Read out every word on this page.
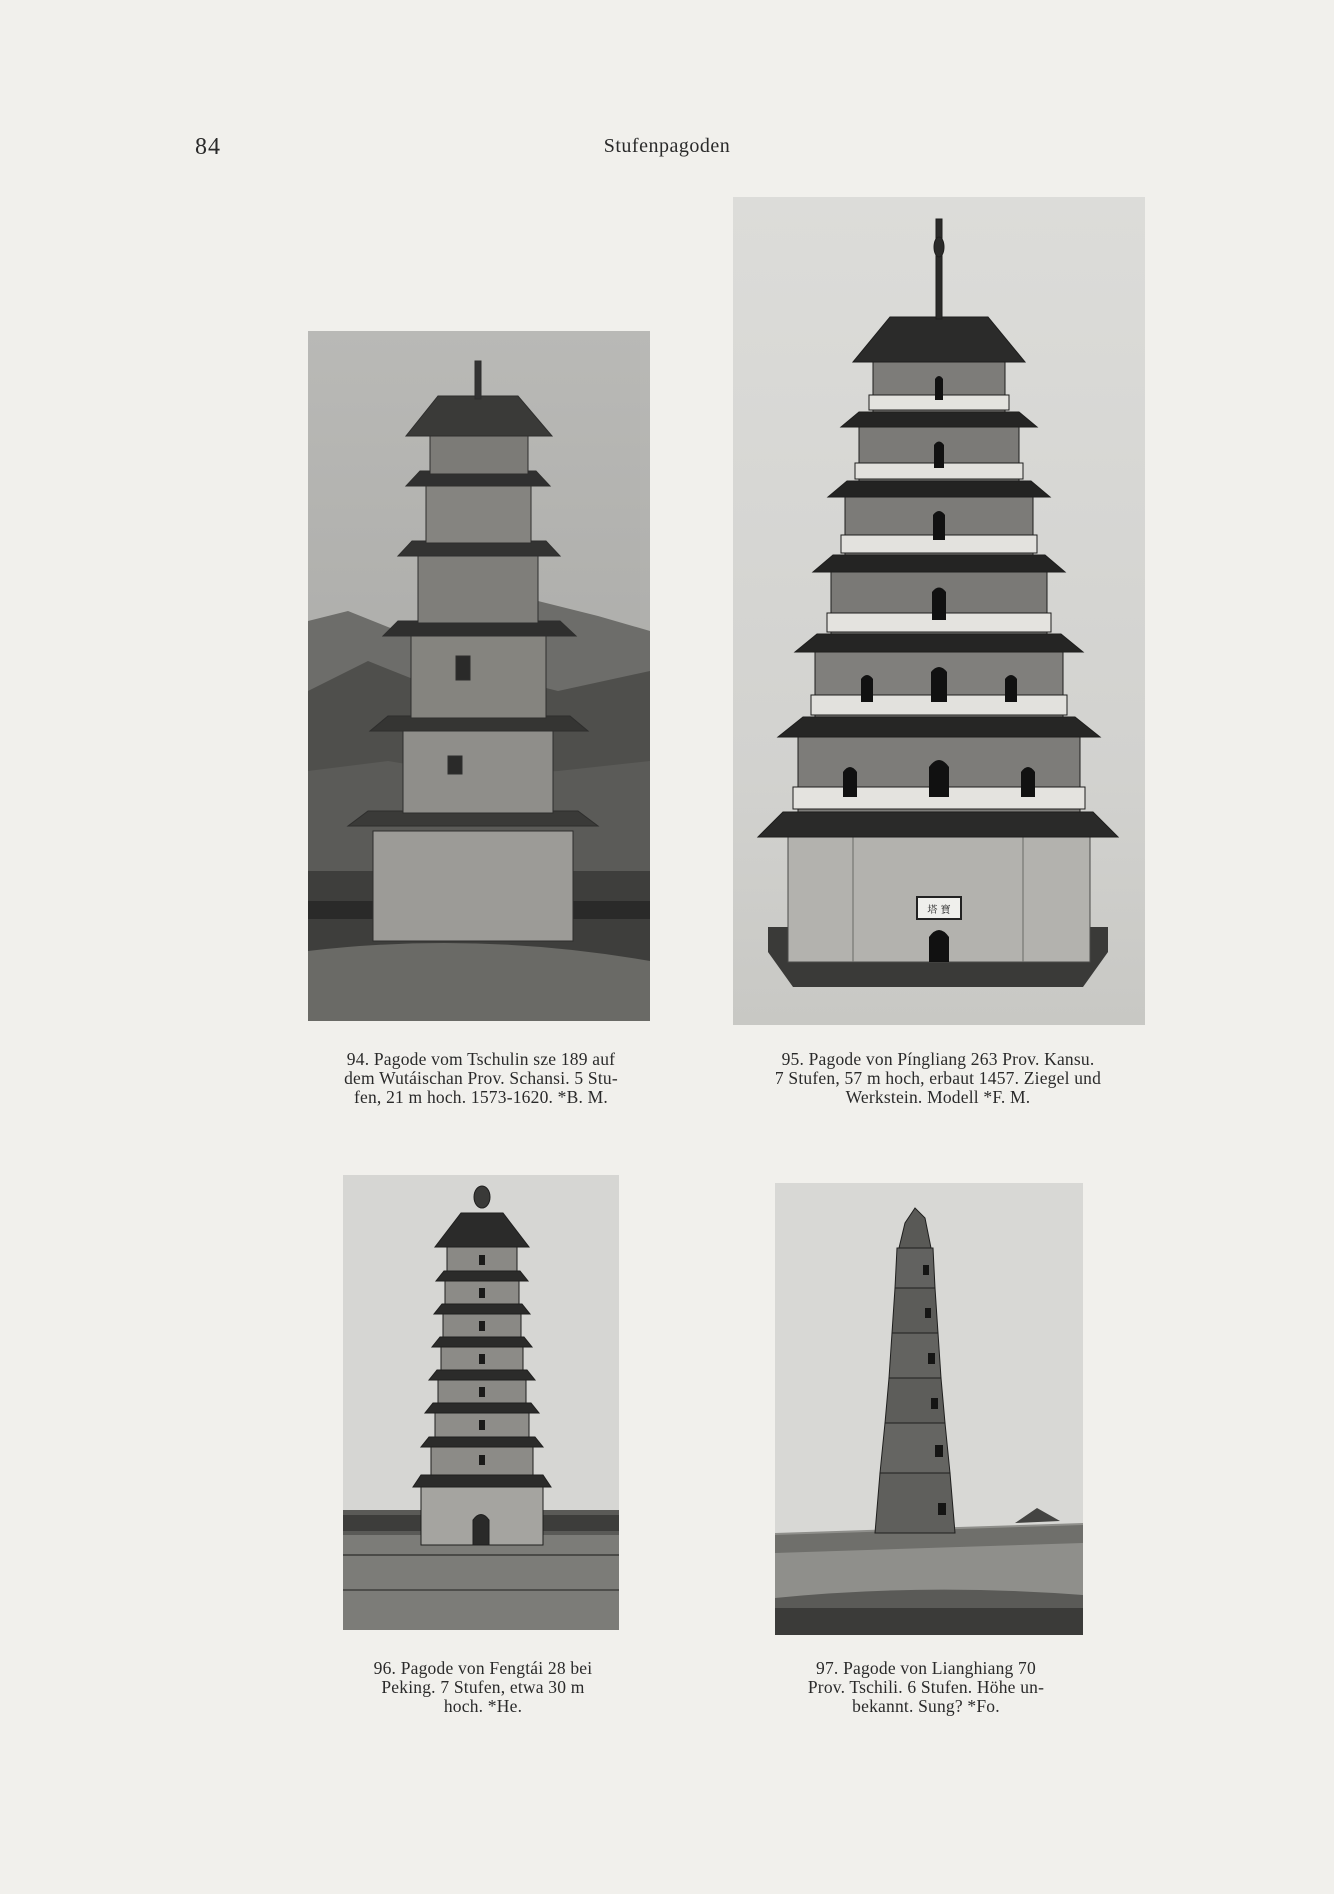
84	Stufenpagoden
塔 寶
94. Pagode vom Tschulin sze 189 auf
dem Wutáischan Prov. Schansi. 5 Stu-
fen, 21 m hoch. 1573-1620. *B. M.
95. Pagode von Píngliang 263 Prov. Kansu.
7 Stufen, 57 m hoch, erbaut 1457. Ziegel und
Werkstein. Modell *F. M.
96. Pagode von Fengtái 28 bei
Peking. 7 Stufen, etwa 30 m
hoch. *He.
97. Pagode von Lianghiang 70
Prov. Tschili. 6 Stufen. Höhe un-
bekannt. Sung? *Fo.
